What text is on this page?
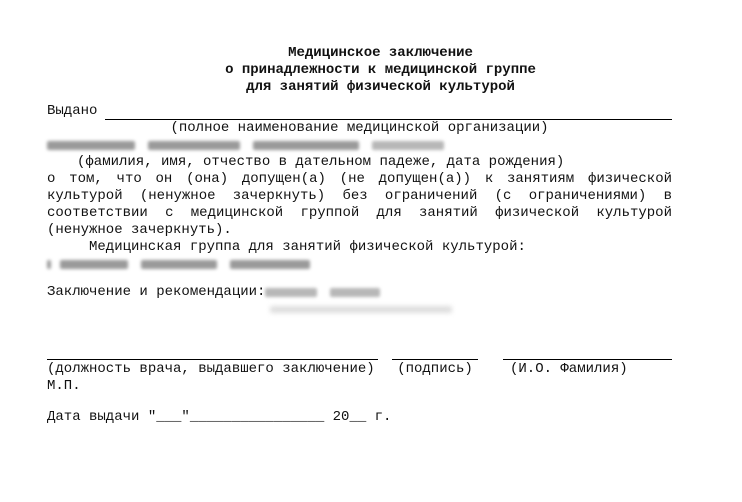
Медицинское заключение
о принадлежности к медицинской группе
для занятий физической культурой
Выдано
(полное наименование медицинской организации)
(фамилия, имя, отчество в дательном падеже, дата рождения)
о том, что он (она) допущен(а) (не допущен(а)) к занятиям физической
культурой (ненужное зачеркнуть) без ограничений (с ограничениями) в
соответствии с медицинской группой для занятий физической культурой
(ненужное зачеркнуть).
Медицинская группа для занятий физической культурой:
Заключение и рекомендации:
(должность врача, выдавшего заключение)	(подпись)	(И.О. Фамилия)
М.П.
Дата выдачи "___"________________ 20__ г.
